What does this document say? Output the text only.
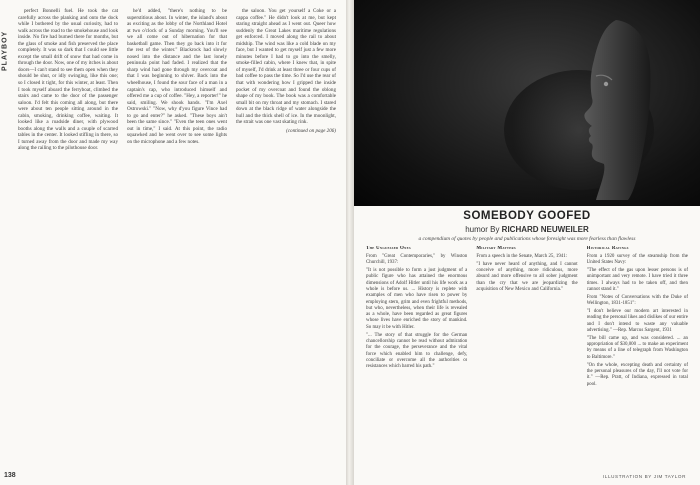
PLAYBOY
138

perfect Bonnelli fuel. He took the cat carefully across the planking and onto the dock while I bothered by the usual curiosity, had to walk across the road to the smokehouse and look inside. No fire had burned there for months, but the glass of smoke and fish preserved the place completely. It was so dark that I could see little except the small drift of snow that had come in through the door. Now, one of my itches is about doors—I can't stand to see them open when they should be shut, or idly swinging, like this one; so I closed it tight, for this winter, at least. Then I took myself aboard the ferryboat, climbed the stairs and came to the door of the passenger saloon. I'd felt this coming all along, but there were about ten people sitting around in the cabin, smoking, drinking coffee, waiting. It looked like a roadside diner, with plywood booths along the walls and a couple of scarred tables in the center. It looked stifling in there, so I turned away from the door and made my way along the railing to the pilothouse door.

he'd added, "there's nothing to be superstitious about. In winter, the island's about as exciting as the lobby of the Northland Hotel at two o'clock of a Sunday morning. You'll see we all come out of hibernation for that basketball game. Then they go back into it for the rest of the winter." Blackrock had slowly nosed into the distance and the last lonely peninsula point had faded. I realized that the sharp wind had gone through my overcoat and that I was beginning to shiver. Back into the wheelhouse, I found the sour face of a man in a captain's cap, who introduced himself and offered me a cup of coffee. "Hey, a reporter!" he said, smiling. We shook hands. "I'm Axel Ostrowski." "Now, why d'you figure Vince had to go and enter?" he asked. "These boys ain't been the same since." "Even the teen ones went out in time," I said. At this point, the radio squawked and he went over to see some lights on the microphone and a few notes.

the saloon. You get yourself a Coke or a cappa coffee." He didn't look at me, but kept staring straight ahead as I went out. Queer how suddenly the Great Lakes maritime regulations get enforced. I moved along the rail to about midship. The wind was like a cold blade on my face, but I wanted to get myself just a few more minutes before I had to go into the smelly, smoke-filled cabin, where I knew that, in spite of myself, I'd drink at least three or four cups of bad coffee to pass the time. So I'd use the rear of that with wondering how I gripped the inside pocket of my overcoat and found the oblong shape of my book. The book was a comfortable small bit on my throat and my stomach. I stared down at the black ridge of water alongside the hull and the thick shell of ice. In the moonlight, the strait was one vast skating rink.

(continued on page 206)
SOMEBODY GOOFED
humor By RICHARD NEUWEILER
a compendium of quotes by people and publications whose foresight was more fearless than flawless

The Unguessed Ones

From "Great Contemporaries," by Winston Churchill, 1937:

"It is not possible to form a just judgment of a public figure who has attained the enormous dimensions of Adolf Hitler until his life work as a whole is before us. ... History is replete with examples of men who have risen to power by employing stern, grim and even frightful methods, but who, nevertheless, when their life is revealed as a whole, have been regarded as great figures whose lives have enriched the story of mankind. So may it be with Hitler.

"... The story of that struggle for the German chancellorship cannot be read without admiration for the courage, the perseverance and the vital force which enabled him to challenge, defy, conciliate or overcome all the authorities or resistances which barred his path."

Military Matters

From a speech in the Senate, March 25, 1941:

"I have never heard of anything, and I cannot conceive of anything, more ridiculous, more absurd and more offensive to all sober judgment than the cry that we are jeopardizing the acquisition of New Mexico and California."

Historical Ravings

From a 1920 survey of the steamship from the United States Navy:

"The effect of the gas upon lesser persons is of unimportant and very remote. I have tried it three times. I always had to be taken off, and then cannot stand it."

From "Notes of Conversations with the Duke of Wellington, 1831-1851":

"I don't believe our modern art interested in reading the personal likes and dislikes of our entire and I don't intend to waste any valuable advertising." —Rep. Marcus Sargent, 1931

"The bill came up, and was considered. ... an appropriation of $30,000 ... to make an experiment by means of a line of telegraph from Washington to Baltimore."

"On the whole, excepting death and certainty of the personal pleasures of the day, I'll not vote for it." —Rep. Pratt, of Indiana, expressed in total pool.

ILLUSTRATION BY JIM TAYLOR
